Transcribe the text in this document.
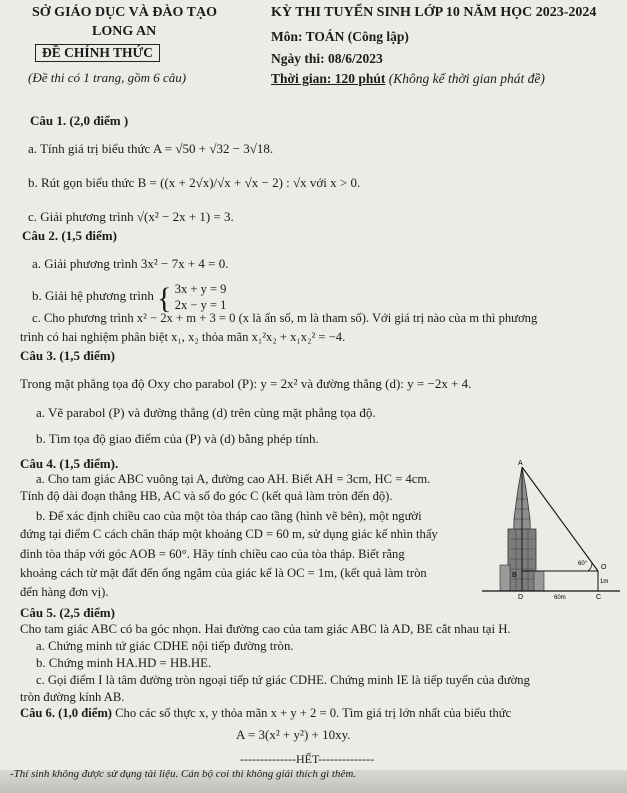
SỞ GIÁO DỤC VÀ ĐÀO TẠO
LONG AN
ĐỀ CHÍNH THỨC
(Đề thi có 1 trang, gồm 6 câu)
KỲ THI TUYỂN SINH LỚP 10 NĂM HỌC 2023-2024
Môn: TOÁN (Công lập)
Ngày thi: 08/6/2023
Thời gian: 120 phút (Không kể thời gian phát đề)
Câu 1. (2,0 điểm )
a. Tính giá trị biểu thức A = √50 + √32 − 3√18.
b. Rút gọn biểu thức B = ((x + 2√x)/√x + √x − 2) : √x với x > 0.
c. Giải phương trình √(x² − 2x + 1) = 3.
Câu 2. (1,5 điểm)
a. Giải phương trình 3x² − 7x + 4 = 0.
b. Giải hệ phương trình { 3x + y = 9
2x − y = 1
c. Cho phương trình x² − 2x + m + 3 = 0 (x là ẩn số, m là tham số). Với giá trị nào của m thì phương
trình có hai nghiệm phân biệt x₁, x₂ thỏa mãn x₁²x₂ + x₁x₂² = −4.
Câu 3. (1,5 điểm)
Trong mặt phẳng tọa độ Oxy cho parabol (P): y = 2x² và đường thẳng (d): y = −2x + 4.
a. Vẽ parabol (P) và đường thẳng (d) trên cùng mặt phẳng tọa độ.
b. Tìm tọa độ giao điểm của (P) và (d) bằng phép tính.
Câu 4. (1,5 điểm).
a. Cho tam giác ABC vuông tại A, đường cao AH. Biết AH = 3cm, HC = 4cm.
Tính độ dài đoạn thẳng HB, AC và số đo góc C (kết quả làm tròn đến độ).
b. Để xác định chiều cao của một tòa tháp cao tầng (hình vẽ bên), một người
đứng tại điểm C cách chân tháp một khoảng CD = 60 m, sử dụng giác kế nhìn thấy
đỉnh tòa tháp với góc AOB = 60°. Hãy tính chiều cao của tòa tháp. Biết rằng
khoảng cách từ mặt đất đến ống ngắm của giác kế là OC = 1m, (kết quả làm tròn
đến hàng đơn vị).
A
B
O
60°
1m
D	60m	C
Câu 5. (2,5 điểm)
Cho tam giác ABC có ba góc nhọn. Hai đường cao của tam giác ABC là AD, BE cắt nhau tại H.
a. Chứng minh tứ giác CDHE nội tiếp đường tròn.
b. Chứng minh HA.HD = HB.HE.
c. Gọi điểm I là tâm đường tròn ngoại tiếp tứ giác CDHE. Chứng minh IE là tiếp tuyến của đường
tròn đường kính AB.
Câu 6. (1,0 điểm) Cho các số thực x, y thỏa mãn x + y + 2 = 0. Tìm giá trị lớn nhất của biểu thức
A = 3(x² + y²) + 10xy.
--------------HẾT--------------
-Thí sinh không được sử dụng tài liệu. Cán bộ coi thi không giải thích gì thêm.
